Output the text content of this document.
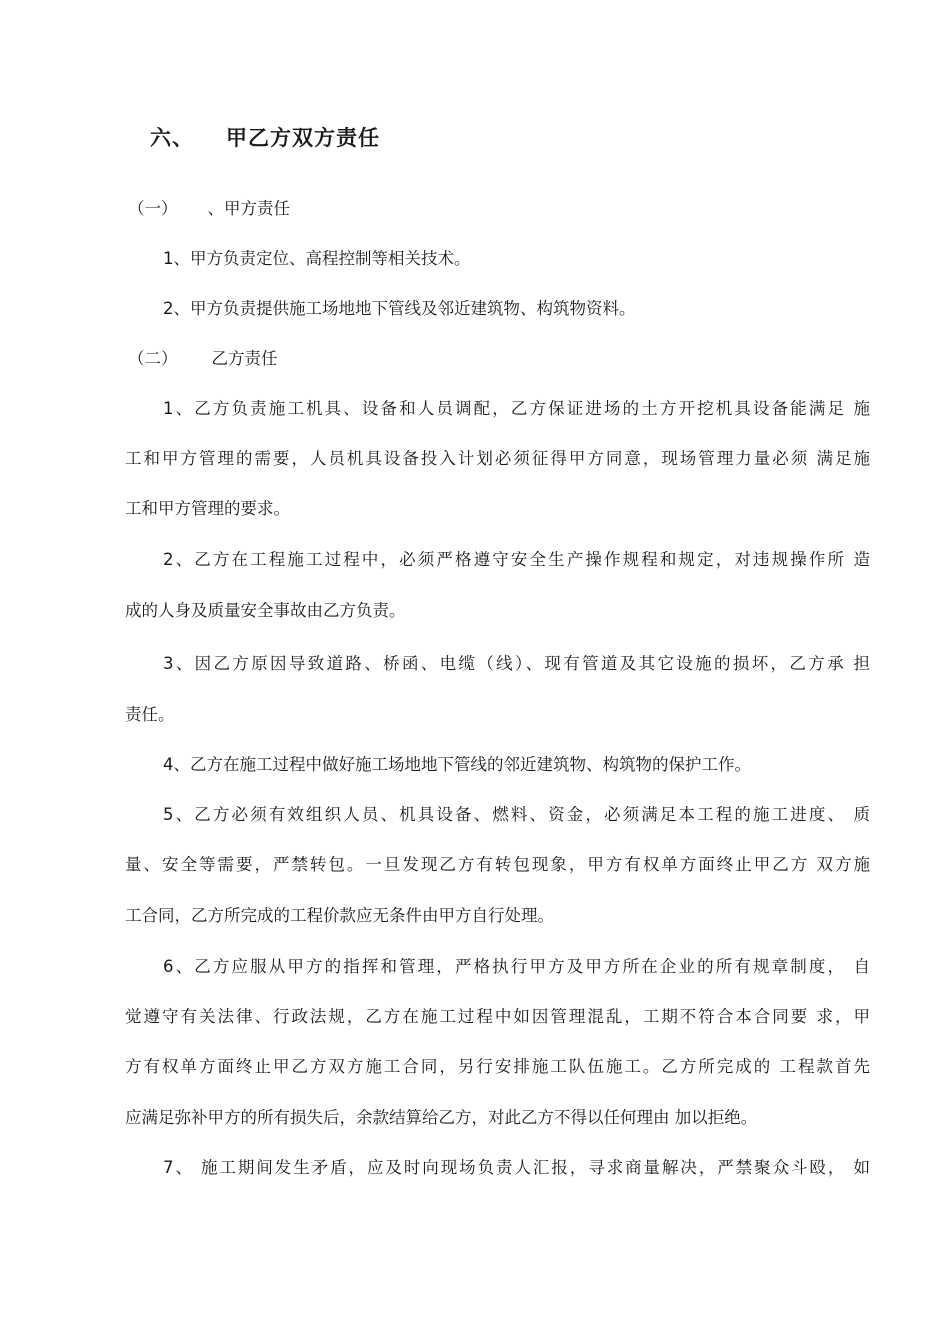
六、 甲乙方双方责任
（一） 、甲方责任
1、甲方负责定位、高程控制等相关技术。
2、甲方负责提供施工场地地下管线及邻近建筑物、构筑物资料。
（二） 乙方责任
1、乙方负责施工机具、设备和人员调配，乙方保证进场的土方开挖机具设备能满足 施
工和甲方管理的需要，人员机具设备投入计划必须征得甲方同意，现场管理力量必须 满足施
工和甲方管理的要求。
2、乙方在工程施工过程中，必须严格遵守安全生产操作规程和规定，对违规操作所 造
成的人身及质量安全事故由乙方负责。
3、因乙方原因导致道路、桥函、电缆（线）、现有管道及其它设施的损坏，乙方承 担
责任。
4、乙方在施工过程中做好施工场地地下管线的邻近建筑物、构筑物的保护工作。
5、乙方必须有效组织人员、机具设备、燃料、资金，必须满足本工程的施工进度、 质
量、安全等需要，严禁转包。一旦发现乙方有转包现象，甲方有权单方面终止甲乙方 双方施
工合同，乙方所完成的工程价款应无条件由甲方自行处理。
6、乙方应服从甲方的指挥和管理，严格执行甲方及甲方所在企业的所有规章制度， 自
觉遵守有关法律、行政法规，乙方在施工过程中如因管理混乱，工期不符合本合同要 求，甲
方有权单方面终止甲乙方双方施工合同，另行安排施工队伍施工。乙方所完成的 工程款首先
应满足弥补甲方的所有损失后，余款结算给乙方，对此乙方不得以任何理由 加以拒绝。
7、 施工期间发生矛盾，应及时向现场负责人汇报，寻求商量解决，严禁聚众斗殴， 如
